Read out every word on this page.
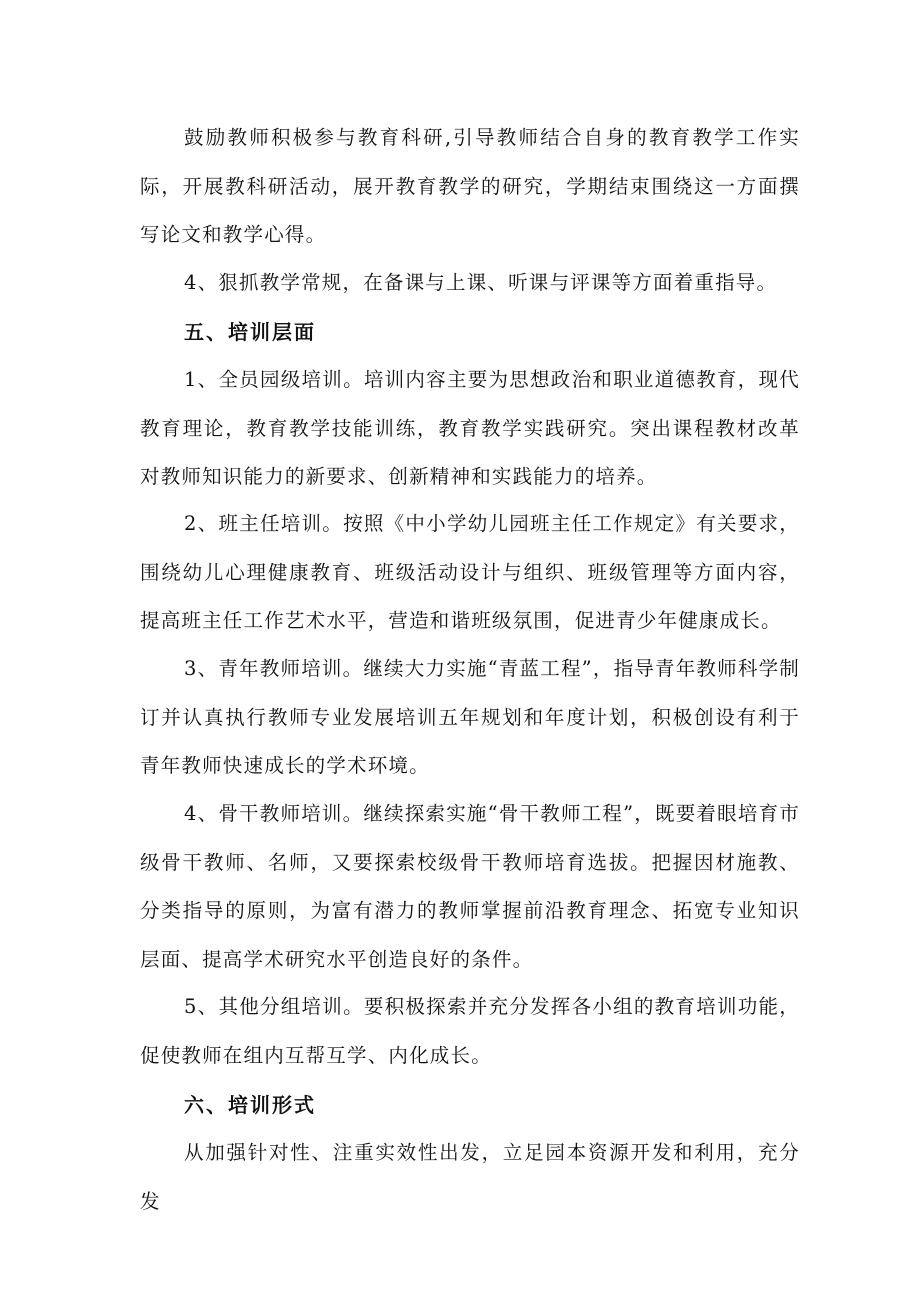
鼓励教师积极参与教育科研,引导教师结合自身的教育教学工作实际，开展教科研活动，展开教育教学的研究，学期结束围绕这一方面撰写论文和教学心得。

4、狠抓教学常规，在备课与上课、听课与评课等方面着重指导。

五、培训层面

1、全员园级培训。培训内容主要为思想政治和职业道德教育，现代教育理论，教育教学技能训练，教育教学实践研究。突出课程教材改革对教师知识能力的新要求、创新精神和实践能力的培养。

2、班主任培训。按照《中小学幼儿园班主任工作规定》有关要求，围绕幼儿心理健康教育、班级活动设计与组织、班级管理等方面内容，提高班主任工作艺术水平，营造和谐班级氛围，促进青少年健康成长。

3、青年教师培训。继续大力实施“青蓝工程”，指导青年教师科学制订并认真执行教师专业发展培训五年规划和年度计划，积极创设有利于青年教师快速成长的学术环境。

4、骨干教师培训。继续探索实施“骨干教师工程”，既要着眼培育市级骨干教师、名师，又要探索校级骨干教师培育选拔。把握因材施教、分类指导的原则，为富有潜力的教师掌握前沿教育理念、拓宽专业知识层面、提高学术研究水平创造良好的条件。

5、其他分组培训。要积极探索并充分发挥各小组的教育培训功能，促使教师在组内互帮互学、内化成长。

六、培训形式

从加强针对性、注重实效性出发，立足园本资源开发和利用，充分发
